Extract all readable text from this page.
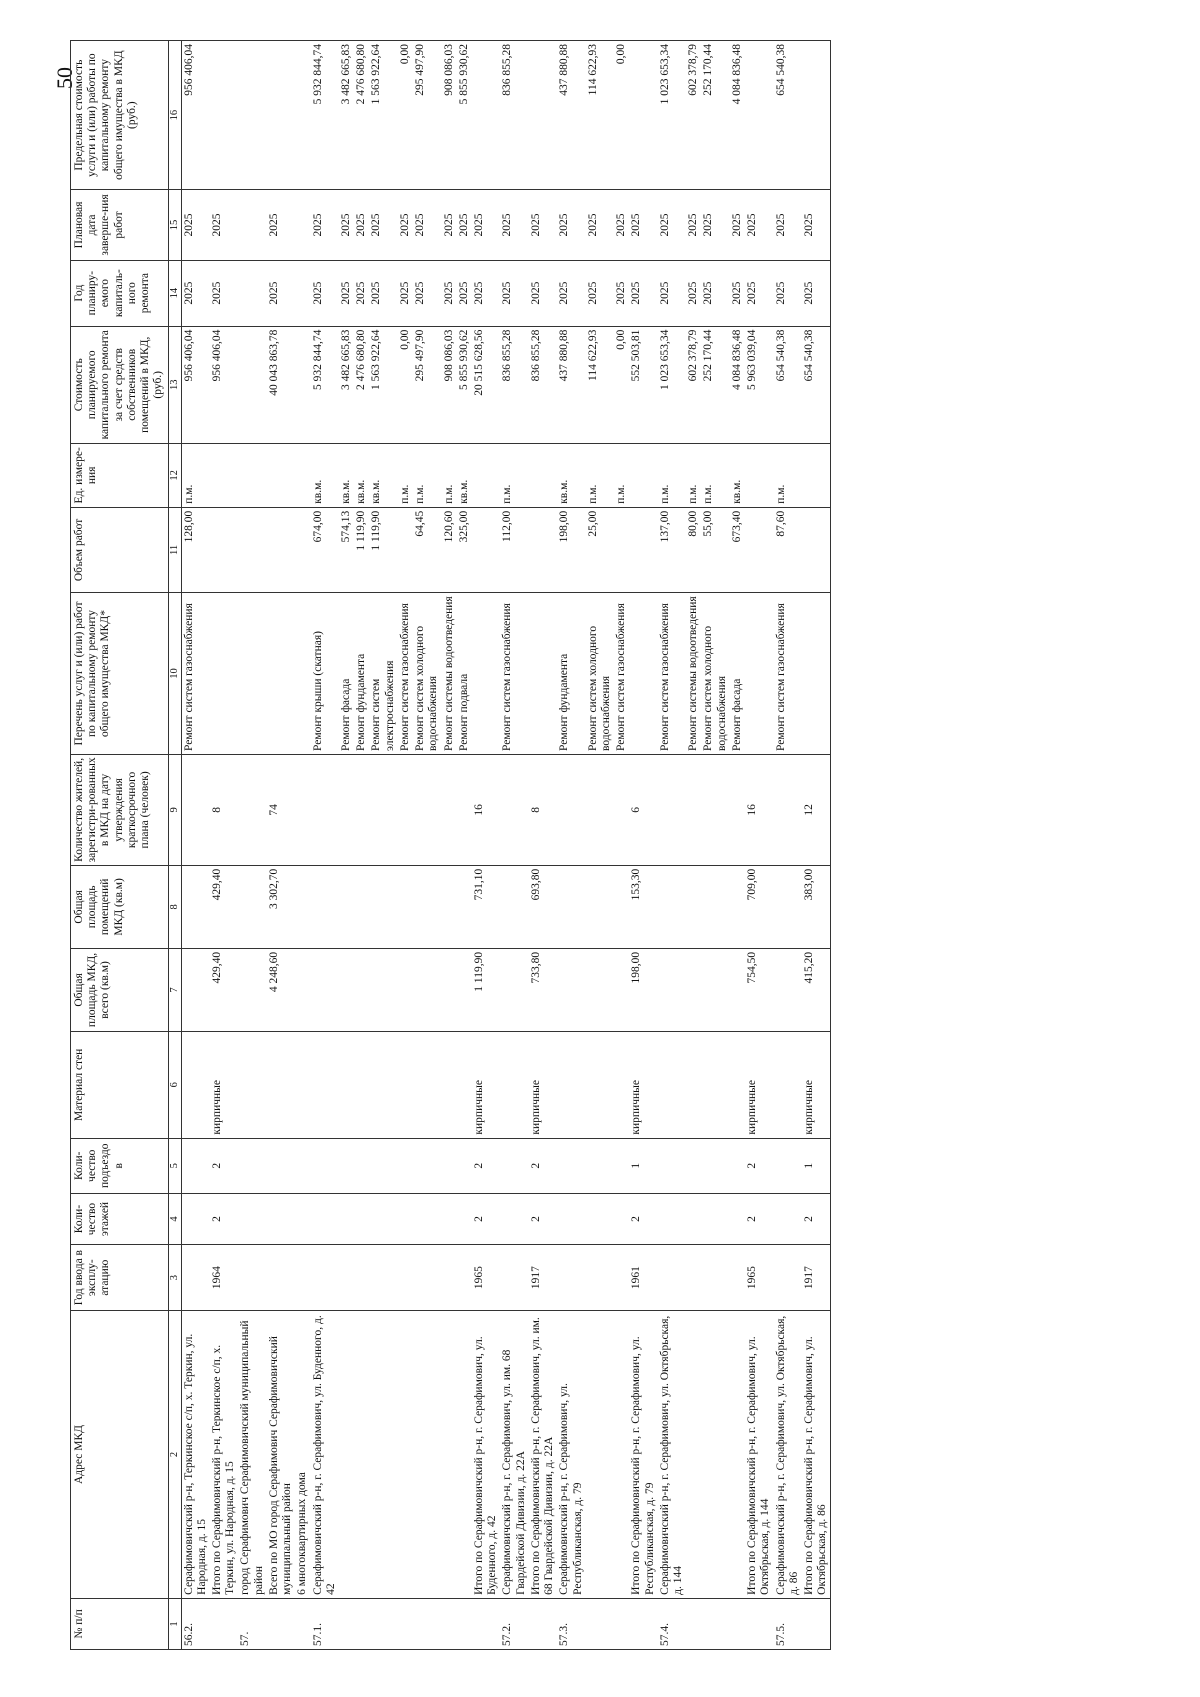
50
№ п/п	Адрес МКД	Год ввода в эксплу-атацию	Коли-чество этажей	Коли-чество подъездо в	Материал стен	Общая площадь МКД, всего (кв.м)	Общая площадь помещений МКД (кв.м)	Количество жителей, зарегистри-рованных в МКД на дату утверждения краткосрочного плана (человек)	Перечень услуг и (или) работ по капитальному ремонту общего имущества МКД*	Объем работ	Ед. измере-ния	Стоимость планируемого капитального ремонта за счет средств собственников помещений в МКД, (руб.)	Год планиру-емого капиталь-ного ремонта	Плановая дата заверше-ния работ	Предельная стоимость услуги и (или) работы по капитальному ремонту общего имущества в МКД (руб.)
1	2	3	4	5	6	7	8	9	10	11	12	13	14	15	16
56.2.	Серафимовичский р-н, Теркинское с/п, х. Теркин, ул. Народная, д. 15								Ремонт систем газоснабжения	128,00	п.м.	956 406,04	2025	2025	956 406,04
	Итого по Серафимовичский р-н, Теркинское с/п, х. Теркин, ул. Народная, д. 15	1964	2	2	кирпичные	429,40	429,40	8				956 406,04	2025	2025	
57.	город Серафимович Серафимовичский муниципальный район														
	Всего по МО город Серафимович Серафимовичский муниципальный район					4 248,60	3 302,70	74				40 043 863,78	2025	2025	
	6 многоквартирных дома														
57.1.	Серафимовичский р-н, г. Серафимович, ул. Буденного, д. 42								Ремонт крыши (скатная)	674,00	кв.м.	5 932 844,74	2025	2025	5 932 844,74
									Ремонт фасада	574,13	кв.м.	3 482 665,83	2025	2025	3 482 665,83
									Ремонт фундамента	1 119,90	кв.м.	2 476 680,80	2025	2025	2 476 680,80
									Ремонт систем электроснабжения	1 119,90	кв.м.	1 563 922,64	2025	2025	1 563 922,64
									Ремонт систем газоснабжения		п.м.	0,00	2025	2025	0,00
									Ремонт систем холодного водоснабжения	64,45	п.м.	295 497,90	2025	2025	295 497,90
									Ремонт системы водоотведения	120,60	п.м.	908 086,03	2025	2025	908 086,03
									Ремонт подвала	325,00	кв.м.	5 855 930,62	2025	2025	5 855 930,62
	Итого по Серафимовичский р-н, г. Серафимович, ул. Буденного, д. 42	1965	2	2	кирпичные	1 119,90	731,10	16				20 515 628,56	2025	2025	
57.2.	Серафимовичский р-н, г. Серафимович, ул. им. 68 Гвардейской Дивизии, д. 22А								Ремонт систем газоснабжения	112,00	п.м.	836 855,28	2025	2025	836 855,28
	Итого по Серафимовичский р-н, г. Серафимович, ул. им. 68 Гвардейской Дивизии, д. 22А	1917	2	2	кирпичные	733,80	693,80	8				836 855,28	2025	2025	
57.3.	Серафимовичский р-н, г. Серафимович, ул. Республиканская, д. 79								Ремонт фундамента	198,00	кв.м.	437 880,88	2025	2025	437 880,88
									Ремонт систем холодного водоснабжения	25,00	п.м.	114 622,93	2025	2025	114 622,93
									Ремонт систем газоснабжения		п.м.	0,00	2025	2025	0,00
	Итого по Серафимовичский р-н, г. Серафимович, ул. Республиканская, д. 79	1961	2	1	кирпичные	198,00	153,30	6				552 503,81	2025	2025	
57.4.	Серафимовичский р-н, г. Серафимович, ул. Октябрьская, д. 144								Ремонт систем газоснабжения	137,00	п.м.	1 023 653,34	2025	2025	1 023 653,34
									Ремонт системы водоотведения	80,00	п.м.	602 378,79	2025	2025	602 378,79
									Ремонт систем холодного водоснабжения	55,00	п.м.	252 170,44	2025	2025	252 170,44
									Ремонт фасада	673,40	кв.м.	4 084 836,48	2025	2025	4 084 836,48
	Итого по Серафимовичский р-н, г. Серафимович, ул. Октябрьская, д. 144	1965	2	2	кирпичные	754,50	709,00	16				5 963 039,04	2025	2025	
57.5.	Серафимовичский р-н, г. Серафимович, ул. Октябрьская, д. 86								Ремонт систем газоснабжения	87,60	п.м.	654 540,38	2025	2025	654 540,38
	Итого по Серафимовичский р-н, г. Серафимович, ул. Октябрьская, д. 86	1917	2	1	кирпичные	415,20	383,00	12				654 540,38	2025	2025	
